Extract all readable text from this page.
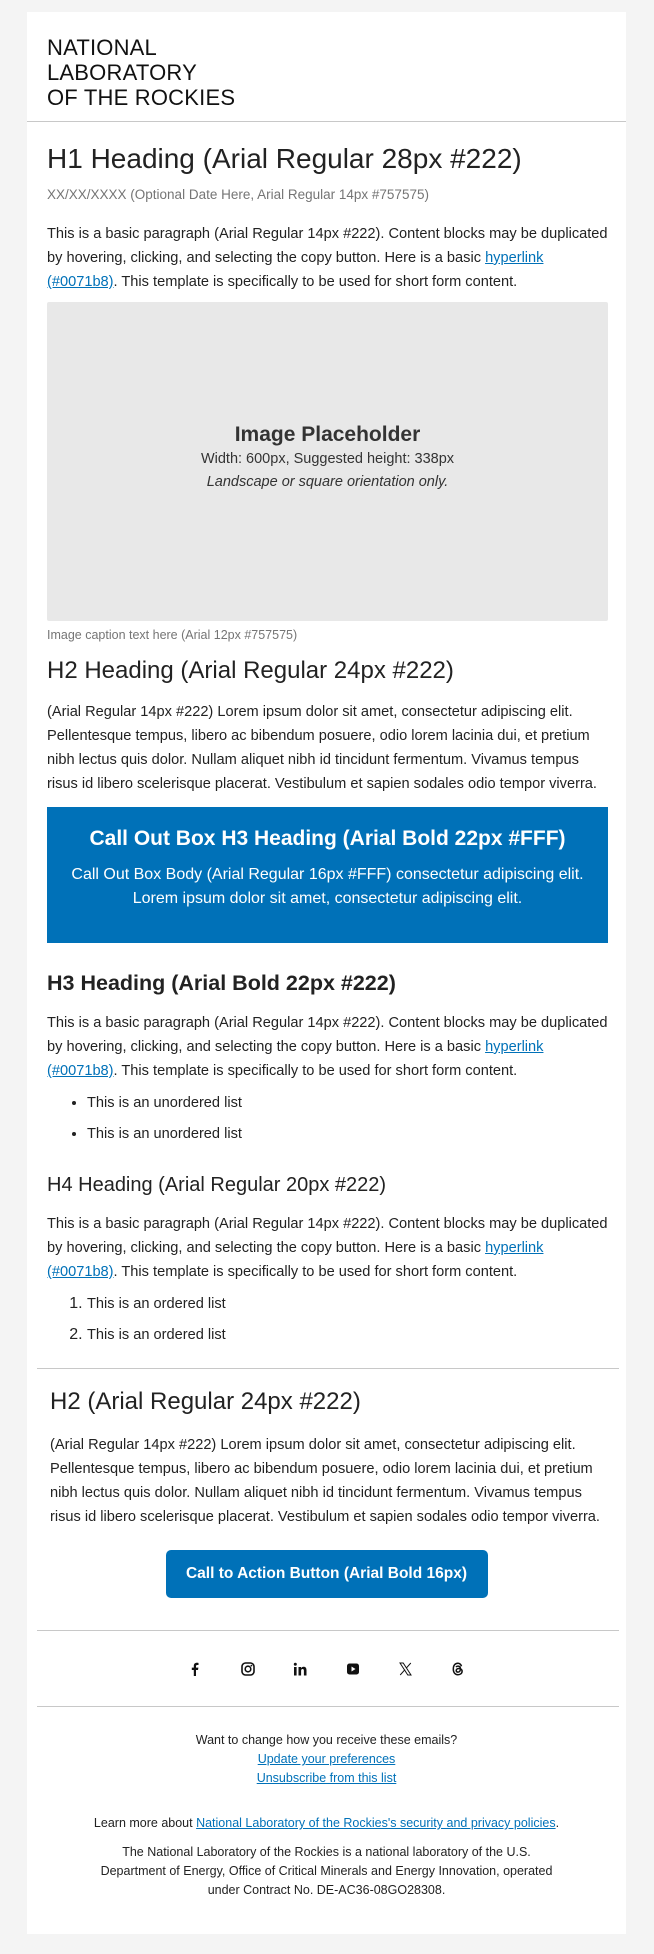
NATIONAL
LABORATORY
OF THE ROCKIES
H1 Heading (Arial Regular 28px #222)
XX/XX/XXXX (Optional Date Here, Arial Regular 14px #757575)

This is a basic paragraph (Arial Regular 14px #222). Content blocks may be duplicated by hovering, clicking, and selecting the copy button. Here is a basic hyperlink (#0071b8). This template is specifically to be used for short form content.

Image Placeholder
Width: 600px, Suggested height: 338px
Landscape or square orientation only.
Image caption text here (Arial 12px #757575)
H2 Heading (Arial Regular 24px #222)

(Arial Regular 14px #222) Lorem ipsum dolor sit amet, consectetur adipiscing elit. Pellentesque tempus, libero ac bibendum posuere, odio lorem lacinia dui, et pretium nibh lectus quis dolor. Nullam aliquet nibh id tincidunt fermentum. Vivamus tempus risus id libero scelerisque placerat. Vestibulum et sapien sodales odio tempor viverra.

Call Out Box H3 Heading (Arial Bold 22px #FFF)
Call Out Box Body (Arial Regular 16px #FFF) consectetur adipiscing elit. Lorem ipsum dolor sit amet, consectetur adipiscing elit.
H3 Heading (Arial Bold 22px #222)

This is a basic paragraph (Arial Regular 14px #222). Content blocks may be duplicated by hovering, clicking, and selecting the copy button. Here is a basic hyperlink (#0071b8). This template is specifically to be used for short form content.

• This is an unordered list
• This is an unordered list
H4 Heading (Arial Regular 20px #222)

This is a basic paragraph (Arial Regular 14px #222). Content blocks may be duplicated by hovering, clicking, and selecting the copy button. Here is a basic hyperlink (#0071b8). This template is specifically to be used for short form content.

1. This is an ordered list
2. This is an ordered list
H2 (Arial Regular 24px #222)

(Arial Regular 14px #222) Lorem ipsum dolor sit amet, consectetur adipiscing elit. Pellentesque tempus, libero ac bibendum posuere, odio lorem lacinia dui, et pretium nibh lectus quis dolor. Nullam aliquet nibh id tincidunt fermentum. Vivamus tempus risus id libero scelerisque placerat. Vestibulum et sapien sodales odio tempor viverra.

Call to Action Button (Arial Bold 16px)
Want to change how you receive these emails?
Update your preferences
Unsubscribe from this list
Learn more about National Laboratory of the Rockies's security and privacy policies.
The National Laboratory of the Rockies is a national laboratory of the U.S. Department of Energy, Office of Critical Minerals and Energy Innovation, operated under Contract No. DE-AC36-08GO28308.
